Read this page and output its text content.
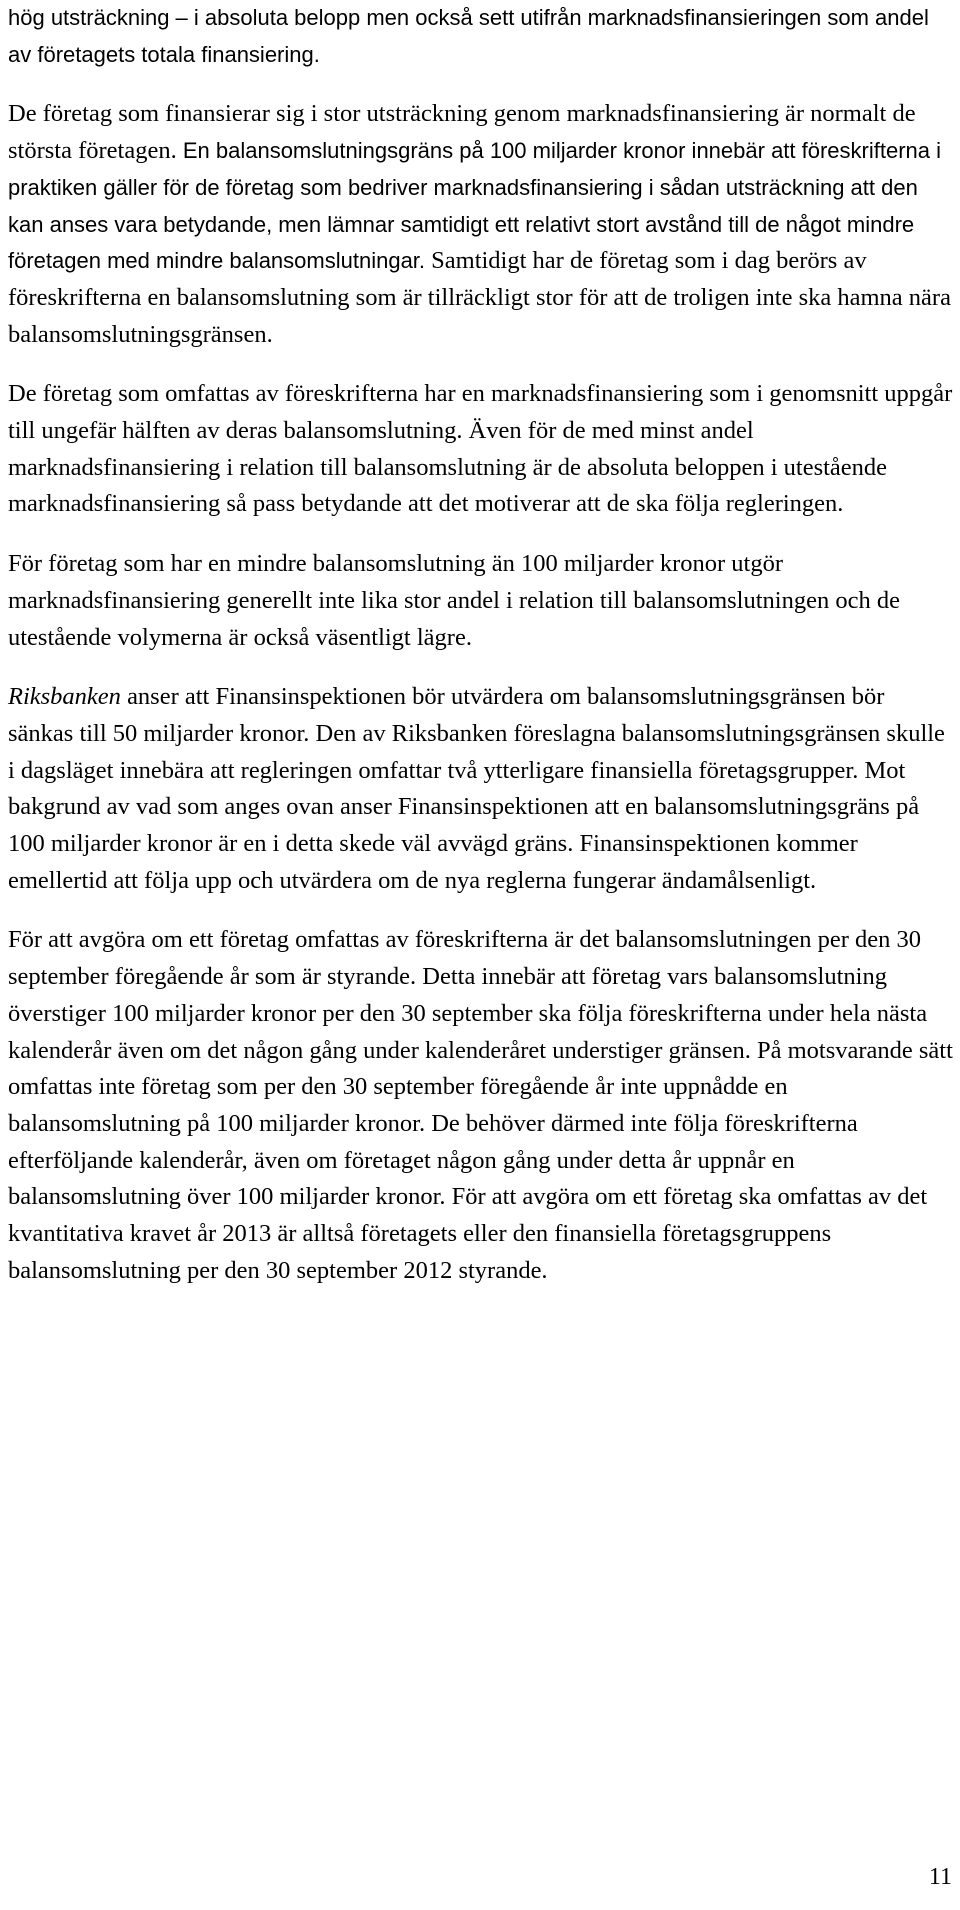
hög utsträckning – i absoluta belopp men också sett utifrån marknadsfinansieringen som andel av företagets totala finansiering.

De företag som finansierar sig i stor utsträckning genom marknadsfinansiering är normalt de största företagen. En balansomslutningsgräns på 100 miljarder kronor innebär att föreskrifterna i praktiken gäller för de företag som bedriver marknadsfinansiering i sådan utsträckning att den kan anses vara betydande, men lämnar samtidigt ett relativt stort avstånd till de något mindre företagen med mindre balansomslutningar. Samtidigt har de företag som i dag berörs av föreskrifterna en balansomslutning som är tillräckligt stor för att de troligen inte ska hamna nära balansomslutningsgränsen.

De företag som omfattas av föreskrifterna har en marknadsfinansiering som i genomsnitt uppgår till ungefär hälften av deras balansomslutning. Även för de med minst andel marknadsfinansiering i relation till balansomslutning är de absoluta beloppen i utestående marknadsfinansiering så pass betydande att det motiverar att de ska följa regleringen.

För företag som har en mindre balansomslutning än 100 miljarder kronor utgör marknadsfinansiering generellt inte lika stor andel i relation till balansomslutningen och de utestående volymerna är också väsentligt lägre.

Riksbanken anser att Finansinspektionen bör utvärdera om balansomslutningsgränsen bör sänkas till 50 miljarder kronor. Den av Riksbanken föreslagna balansomslutningsgränsen skulle i dagsläget innebära att regleringen omfattar två ytterligare finansiella företagsgrupper. Mot bakgrund av vad som anges ovan anser Finansinspektionen att en balansomslutningsgräns på 100 miljarder kronor är en i detta skede väl avvägd gräns. Finansinspektionen kommer emellertid att följa upp och utvärdera om de nya reglerna fungerar ändamålsenligt.

För att avgöra om ett företag omfattas av föreskrifterna är det balansomslutningen per den 30 september föregående år som är styrande. Detta innebär att företag vars balansomslutning överstiger 100 miljarder kronor per den 30 september ska följa föreskrifterna under hela nästa kalenderår även om det någon gång under kalenderåret understiger gränsen. På motsvarande sätt omfattas inte företag som per den 30 september föregående år inte uppnådde en balansomslutning på 100 miljarder kronor. De behöver därmed inte följa föreskrifterna efterföljande kalenderår, även om företaget någon gång under detta år uppnår en balansomslutning över 100 miljarder kronor. För att avgöra om ett företag ska omfattas av det kvantitativa kravet år 2013 är alltså företagets eller den finansiella företagsgruppens balansomslutning per den 30 september 2012 styrande.

11
